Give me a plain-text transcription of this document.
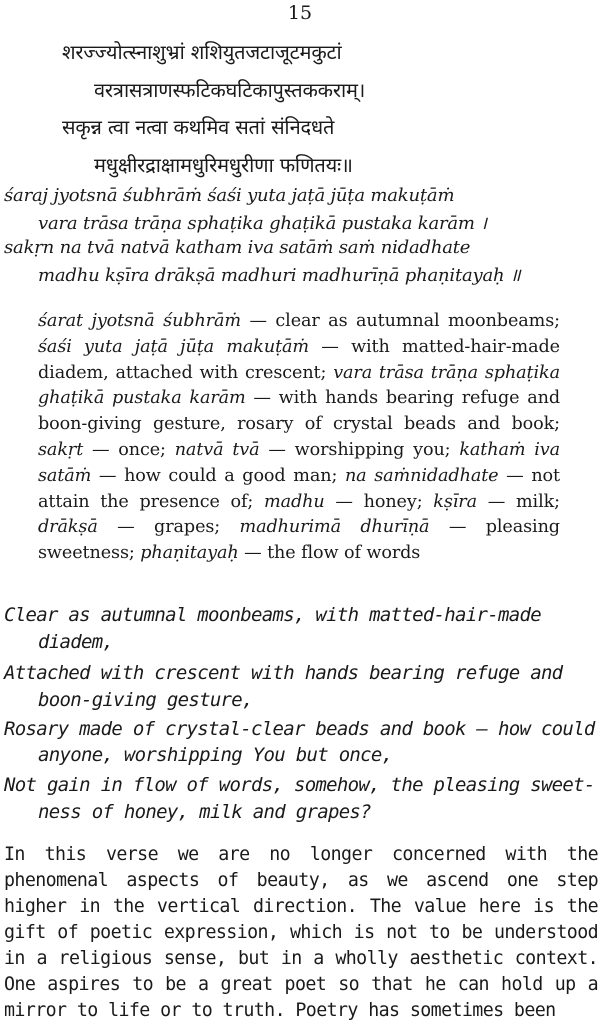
15
शरज्ज्योत्स्नाशुभ्रां शशियुतजटाजूटमकुटां
वरत्रासत्राणस्फटिकघटिकापुस्तककराम्।
सकृन्न त्वा नत्वा कथमिव सतां संनिदधते
मधुक्षीरद्राक्षामधुरिमधुरीणा फणितयः॥
śaraj jyotsnā śubhrāṁ śaśi yuta jaṭā jūṭa makuṭāṁ
vara trāsa trāṇa sphaṭika ghaṭikā pustaka karām ।
sakṛn na tvā natvā katham iva satāṁ saṁ nidadhate
madhu kṣīra drākṣā madhuri madhurīṇā phaṇitayaḥ ॥
śarat jyotsnā śubhrāṁ — clear as autumnal moonbeams; śaśi yuta jaṭā jūṭa makuṭāṁ — with matted-hair-made diadem, attached with crescent; vara trāsa trāṇa sphaṭika ghaṭikā pustaka karām — with hands bearing refuge and boon-giving gesture, rosary of crystal beads and book; sakṛt — once; natvā tvā — worshipping you; kathaṁ iva satāṁ — how could a good man; na saṁnidadhate — not attain the presence of; madhu — honey; kṣīra — milk; drākṣā — grapes; madhurimā dhurīṇā — pleasing sweetness; phaṇitayaḥ — the flow of words
Clear as autumnal moonbeams, with matted-hair-made
diadem,
Attached with crescent with hands bearing refuge and
boon-giving gesture,
Rosary made of crystal-clear beads and book — how could
anyone, worshipping You but once,
Not gain in flow of words, somehow, the pleasing sweet-
ness of honey, milk and grapes?
In this verse we are no longer concerned with the phenomenal aspects of beauty, as we ascend one step higher in the vertical direction. The value here is the gift of poetic expression, which is not to be understood in a religious sense, but in a wholly aesthetic context. One aspires to be a great poet so that he can hold up a mirror to life or to truth. Poetry has sometimes been
